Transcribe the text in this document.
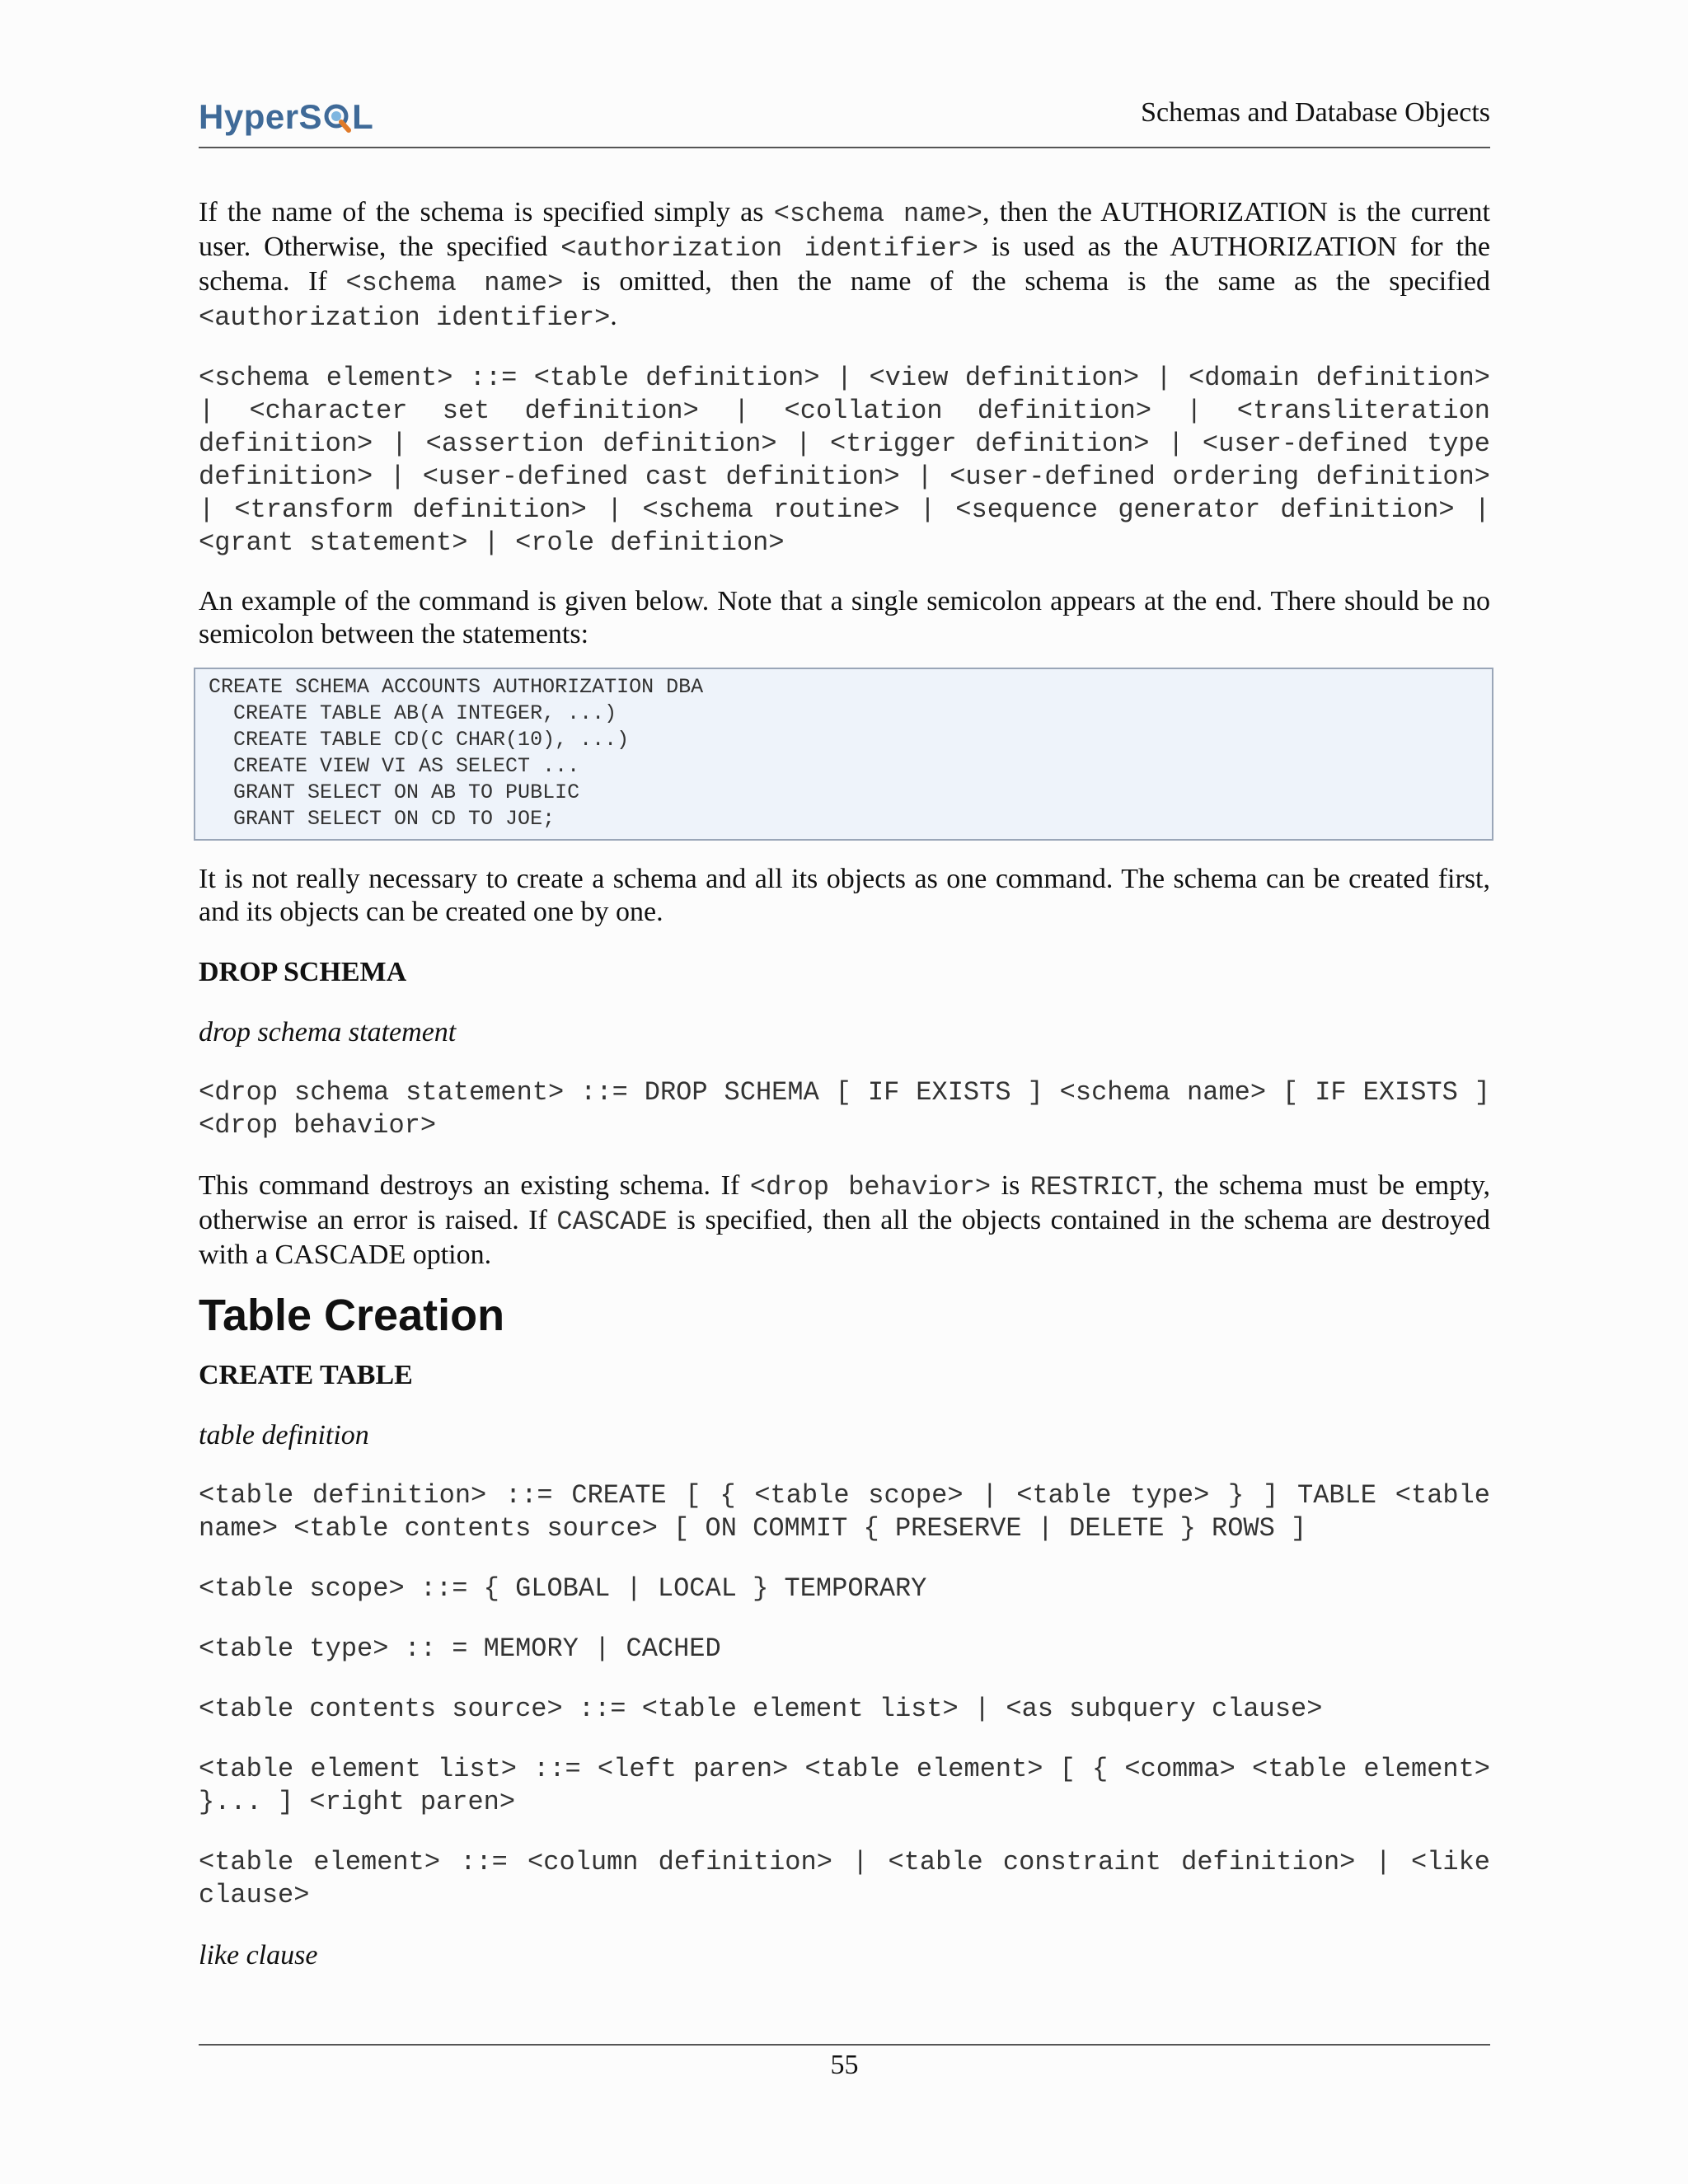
HyperS L	Schemas and Database Objects

If the name of the schema is specified simply as <schema name>, then the AUTHORIZATION is the current user. Otherwise, the specified <authorization identifier> is used as the AUTHORIZATION for the schema. If <schema name> is omitted, then the name of the schema is the same as the specified <authorization identifier>.

<schema element> ::= <table definition> | <view definition> | <domain definition> | <character set definition> | <collation definition> | <transliteration definition> | <assertion definition> | <trigger definition> | <user-defined type definition> | <user-defined cast definition> | <user-defined ordering definition> | <transform definition> | <schema routine> | <sequence generator definition> | <grant statement> | <role definition>

An example of the command is given below. Note that a single semicolon appears at the end. There should be no semicolon between the statements:

CREATE SCHEMA ACCOUNTS AUTHORIZATION DBA
CREATE TABLE AB(A INTEGER, ...)
CREATE TABLE CD(C CHAR(10), ...)
CREATE VIEW VI AS SELECT ...
GRANT SELECT ON AB TO PUBLIC
GRANT SELECT ON CD TO JOE;

It is not really necessary to create a schema and all its objects as one command. The schema can be created first, and its objects can be created one by one.

DROP SCHEMA
drop schema statement

<drop schema statement> ::= DROP SCHEMA [ IF EXISTS ] <schema name> [ IF EXISTS ] <drop behavior>

This command destroys an existing schema. If <drop behavior> is RESTRICT, the schema must be empty, otherwise an error is raised. If CASCADE is specified, then all the objects contained in the schema are destroyed with a CASCADE option.

Table Creation
CREATE TABLE
table definition

<table definition> ::= CREATE [ { <table scope> | <table type> } ] TABLE <table name> <table contents source> [ ON COMMIT { PRESERVE | DELETE } ROWS ]

<table scope> ::= { GLOBAL | LOCAL } TEMPORARY

<table type> :: = MEMORY | CACHED

<table contents source> ::= <table element list> | <as subquery clause>

<table element list> ::= <left paren> <table element> [ { <comma> <table element> }... ] <right paren>

<table element> ::= <column definition> | <table constraint definition> | <like clause>

like clause
55
